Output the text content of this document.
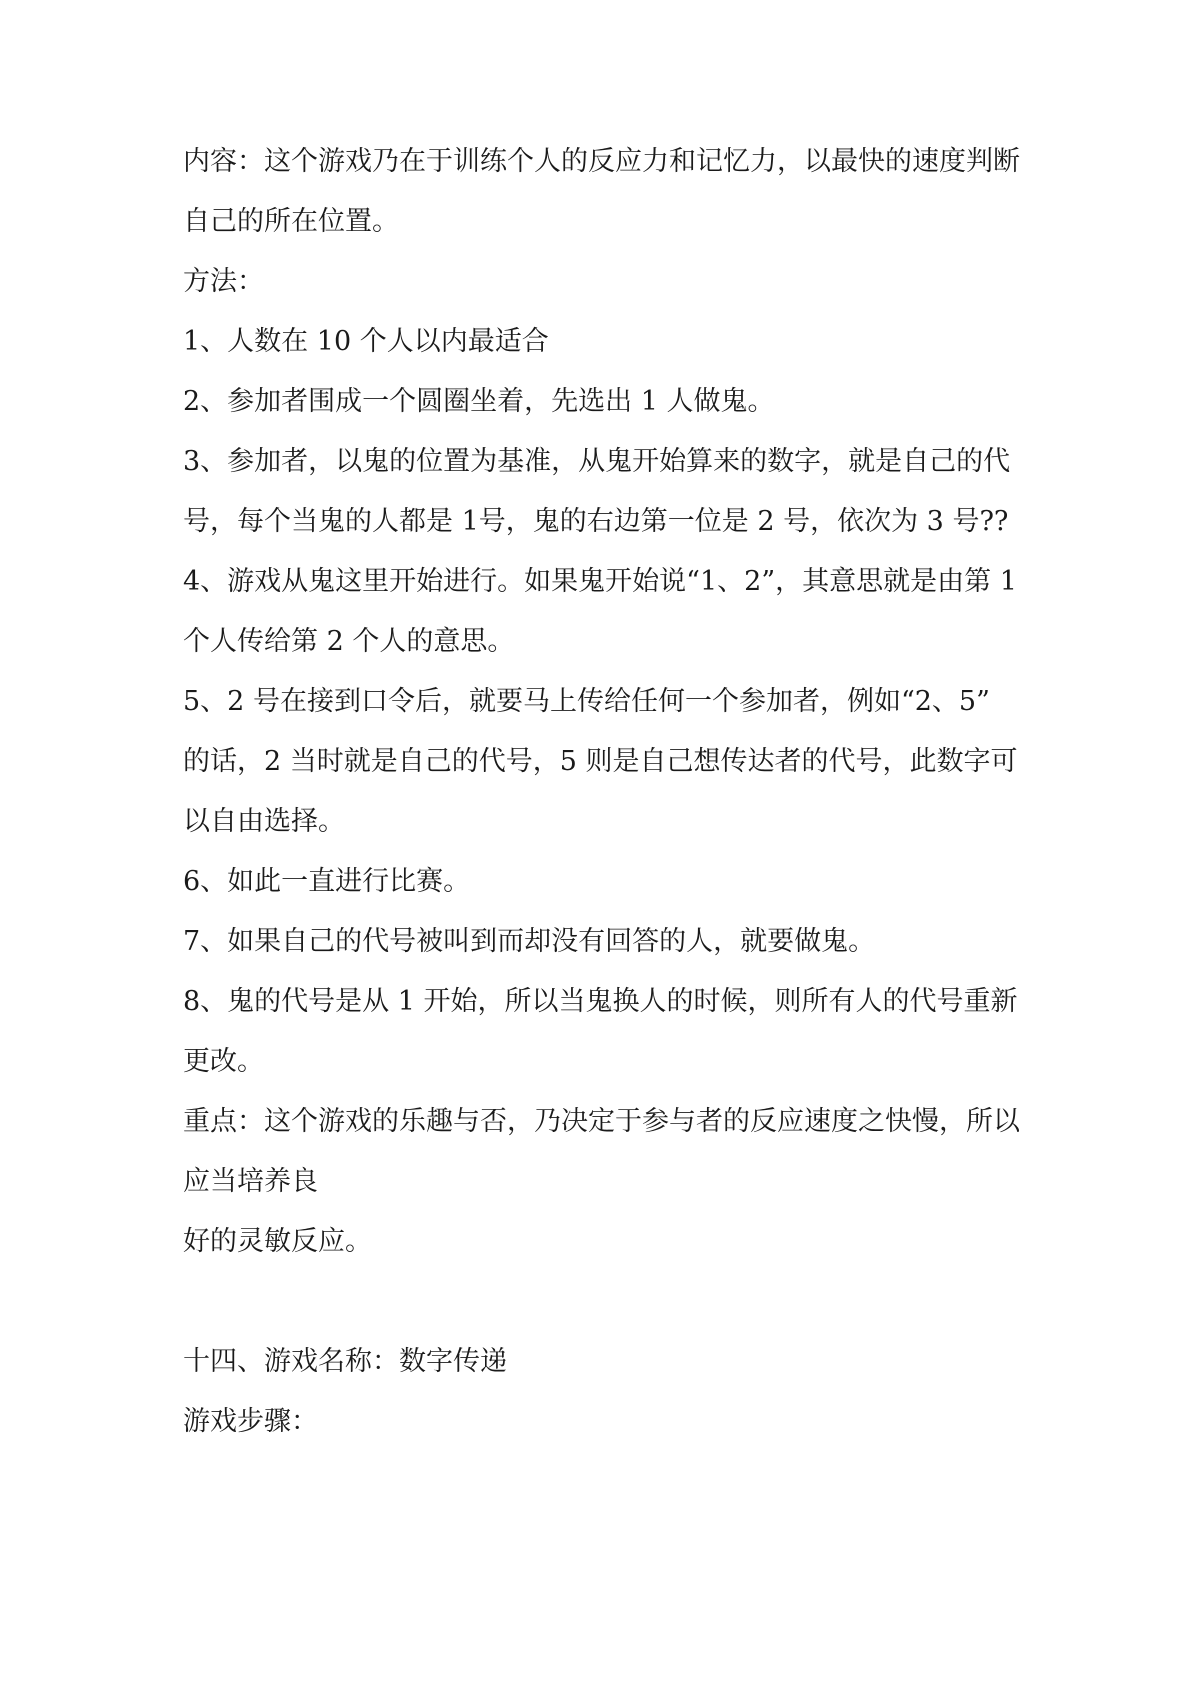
内容：这个游戏乃在于训练个人的反应力和记忆力，以最快的速度判断

自己的所在位置。

方法：

1、人数在 10 个人以内最适合

2、参加者围成一个圆圈坐着，先选出 1 人做鬼。

3、参加者，以鬼的位置为基准，从鬼开始算来的数字，就是自己的代

号，每个当鬼的人都是 1号，鬼的右边第一位是 2 号，依次为 3 号??

4、游戏从鬼这里开始进行。如果鬼开始说“1、2”，其意思就是由第 1

个人传给第 2 个人的意思。

5、2 号在接到口令后，就要马上传给任何一个参加者，例如“2、5”

的话，2 当时就是自己的代号，5 则是自己想传达者的代号，此数字可

以自由选择。

6、如此一直进行比赛。

7、如果自己的代号被叫到而却没有回答的人，就要做鬼。

8、鬼的代号是从 1 开始，所以当鬼换人的时候，则所有人的代号重新

更改。

重点：这个游戏的乐趣与否，乃决定于参与者的反应速度之快慢，所以

应当培养良

好的灵敏反应。

十四、游戏名称：数字传递

游戏步骤：
